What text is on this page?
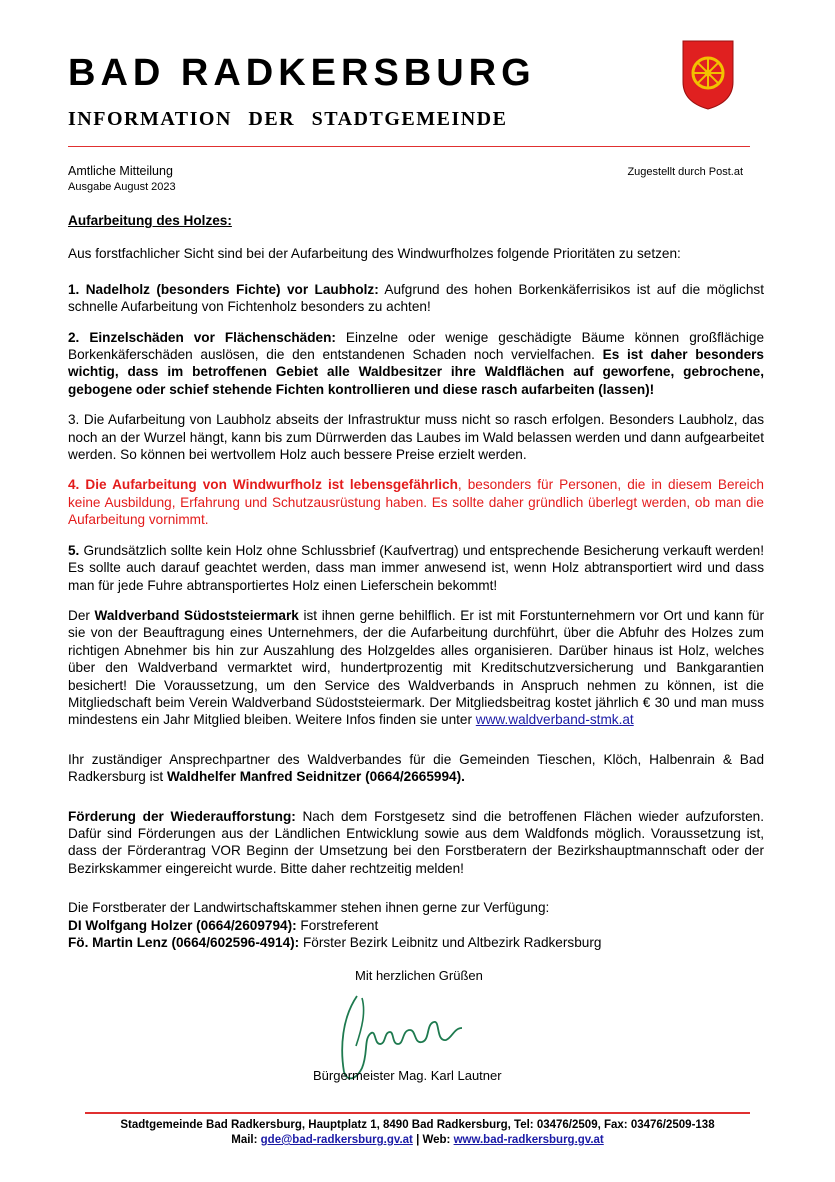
BAD RADKERSBURG
INFORMATION DER STADTGEMEINDE
Amtliche Mitteilung
Ausgabe August 2023
Zugestellt durch Post.at

Aufarbeitung des Holzes:

Aus forstfachlicher Sicht sind bei der Aufarbeitung des Windwurfholzes folgende Prioritäten zu setzen:

1. Nadelholz (besonders Fichte) vor Laubholz: Aufgrund des hohen Borkenkäferrisikos ist auf die möglichst schnelle Aufarbeitung von Fichtenholz besonders zu achten!

2. Einzelschäden vor Flächenschäden: Einzelne oder wenige geschädigte Bäume können großflächige Borkenkäferschäden auslösen, die den entstandenen Schaden noch vervielfachen. Es ist daher besonders wichtig, dass im betroffenen Gebiet alle Waldbesitzer ihre Waldflächen auf geworfene, gebrochene, gebogene oder schief stehende Fichten kontrollieren und diese rasch aufarbeiten (lassen)!

3. Die Aufarbeitung von Laubholz abseits der Infrastruktur muss nicht so rasch erfolgen. Besonders Laubholz, das noch an der Wurzel hängt, kann bis zum Dürrwerden das Laubes im Wald belassen werden und dann aufgearbeitet werden. So können bei wertvollem Holz auch bessere Preise erzielt werden.

4. Die Aufarbeitung von Windwurfholz ist lebensgefährlich, besonders für Personen, die in diesem Bereich keine Ausbildung, Erfahrung und Schutzausrüstung haben. Es sollte daher gründlich überlegt werden, ob man die Aufarbeitung vornimmt.

5. Grundsätzlich sollte kein Holz ohne Schlussbrief (Kaufvertrag) und entsprechende Besicherung verkauft werden! Es sollte auch darauf geachtet werden, dass man immer anwesend ist, wenn Holz abtransportiert wird und dass man für jede Fuhre abtransportiertes Holz einen Lieferschein bekommt!

Der Waldverband Südoststeiermark ist ihnen gerne behilflich. Er ist mit Forstunternehmern vor Ort und kann für sie von der Beauftragung eines Unternehmers, der die Aufarbeitung durchführt, über die Abfuhr des Holzes zum richtigen Abnehmer bis hin zur Auszahlung des Holzgeldes alles organisieren. Darüber hinaus ist Holz, welches über den Waldverband vermarktet wird, hundertprozentig mit Kreditschutzversicherung und Bankgarantien besichert! Die Voraussetzung, um den Service des Waldverbands in Anspruch nehmen zu können, ist die Mitgliedschaft beim Verein Waldverband Südoststeiermark. Der Mitgliedsbeitrag kostet jährlich € 30 und man muss mindestens ein Jahr Mitglied bleiben. Weitere Infos finden sie unter www.waldverband-stmk.at

Ihr zuständiger Ansprechpartner des Waldverbandes für die Gemeinden Tieschen, Klöch, Halbenrain & Bad Radkersburg ist Waldhelfer Manfred Seidnitzer (0664/2665994).

Förderung der Wiederaufforstung: Nach dem Forstgesetz sind die betroffenen Flächen wieder aufzuforsten. Dafür sind Förderungen aus der Ländlichen Entwicklung sowie aus dem Waldfonds möglich. Voraussetzung ist, dass der Förderantrag VOR Beginn der Umsetzung bei den Forstberatern der Bezirkshauptmannschaft oder der Bezirkskammer eingereicht wurde. Bitte daher rechtzeitig melden!

Die Forstberater der Landwirtschaftskammer stehen ihnen gerne zur Verfügung:
DI Wolfgang Holzer (0664/2609794): Forstreferent
Fö. Martin Lenz (0664/602596-4914): Förster Bezirk Leibnitz und Altbezirk Radkersburg

Mit herzlichen Grüßen
Bürgermeister Mag. Karl Lautner
Stadtgemeinde Bad Radkersburg, Hauptplatz 1, 8490 Bad Radkersburg, Tel: 03476/2509, Fax: 03476/2509-138
Mail: gde@bad-radkersburg.gv.at | Web: www.bad-radkersburg.gv.at
